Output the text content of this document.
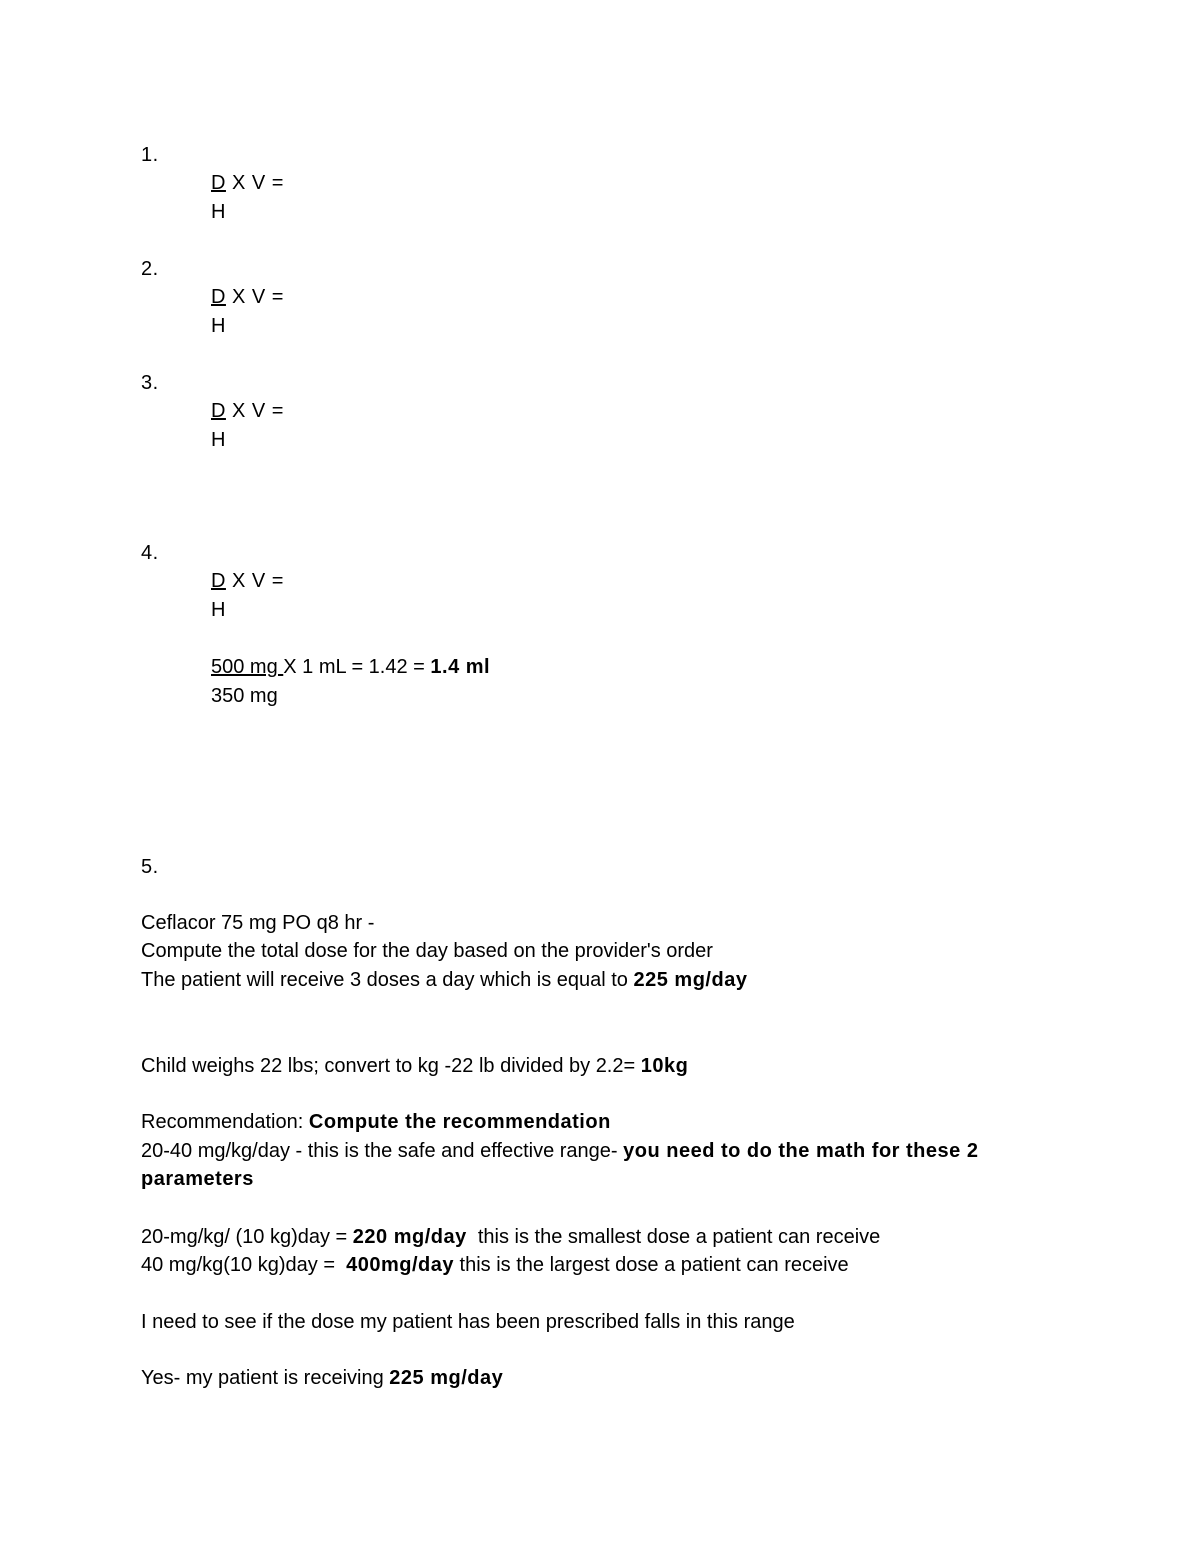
1.
D X V =
H
2.
D X V =
H
3.
D X V =
H
4.
D X V =
H
500 mg X 1 mL = 1.42 = 1.4 ml
350 mg
5.
Ceflacor 75 mg PO q8 hr -
Compute the total dose for the day based on the provider's order
The patient will receive 3 doses a day which is equal to 225 mg/day
Child weighs 22 lbs; convert to kg -22 lb divided by 2.2= 10kg
Recommendation: Compute the recommendation
20-40 mg/kg/day - this is the safe and effective range- you need to do the math for these 2
parameters
20-mg/kg/ (10 kg)day = 220 mg/day  this is the smallest dose a patient can receive
40 mg/kg(10 kg)day =  400mg/day this is the largest dose a patient can receive
I need to see if the dose my patient has been prescribed falls in this range
Yes- my patient is receiving 225 mg/day
